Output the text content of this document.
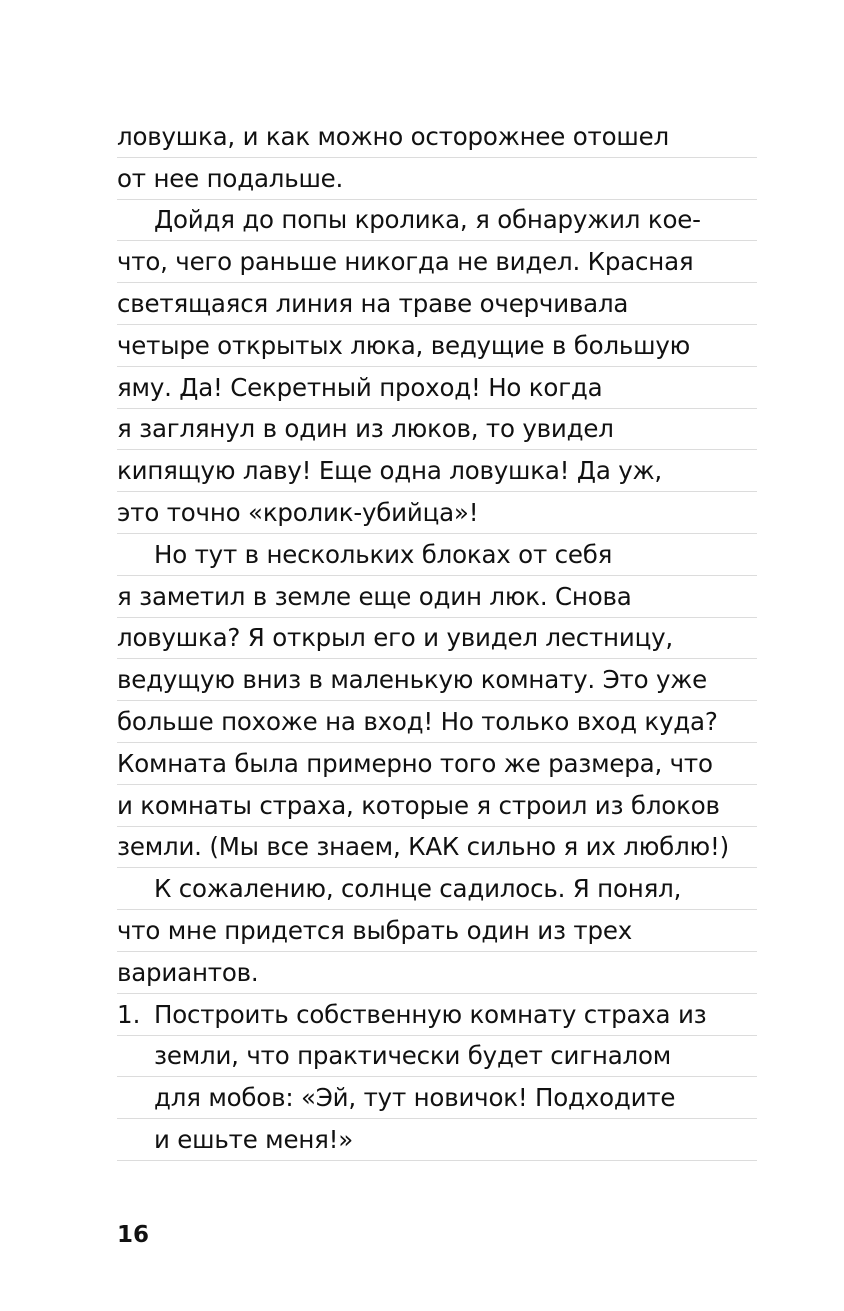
ловушка, и как можно осторожнее отошел
от нее подальше.
Дойдя до попы кролика, я обнаружил кое-
что, чего раньше никогда не видел. Красная
светящаяся линия на траве очерчивала
четыре открытых люка, ведущие в большую
яму. Да! Секретный проход! Но когда
я заглянул в один из люков, то увидел
кипящую лаву! Еще одна ловушка! Да уж,
это точно «кролик-убийца»!
Но тут в нескольких блоках от себя
я заметил в земле еще один люк. Снова
ловушка? Я открыл его и увидел лестницу,
ведущую вниз в маленькую комнату. Это уже
больше похоже на вход! Но только вход куда?
Комната была примерно того же размера, что
и комнаты страха, которые я строил из блоков
земли. (Мы все знаем, КАК сильно я их люблю!)
К сожалению, солнце садилось. Я понял,
что мне придется выбрать один из трех
вариантов.
1. Построить собственную комнату страха из
земли, что практически будет сигналом
для мобов: «Эй, тут новичок! Подходите
и ешьте меня!»
16
